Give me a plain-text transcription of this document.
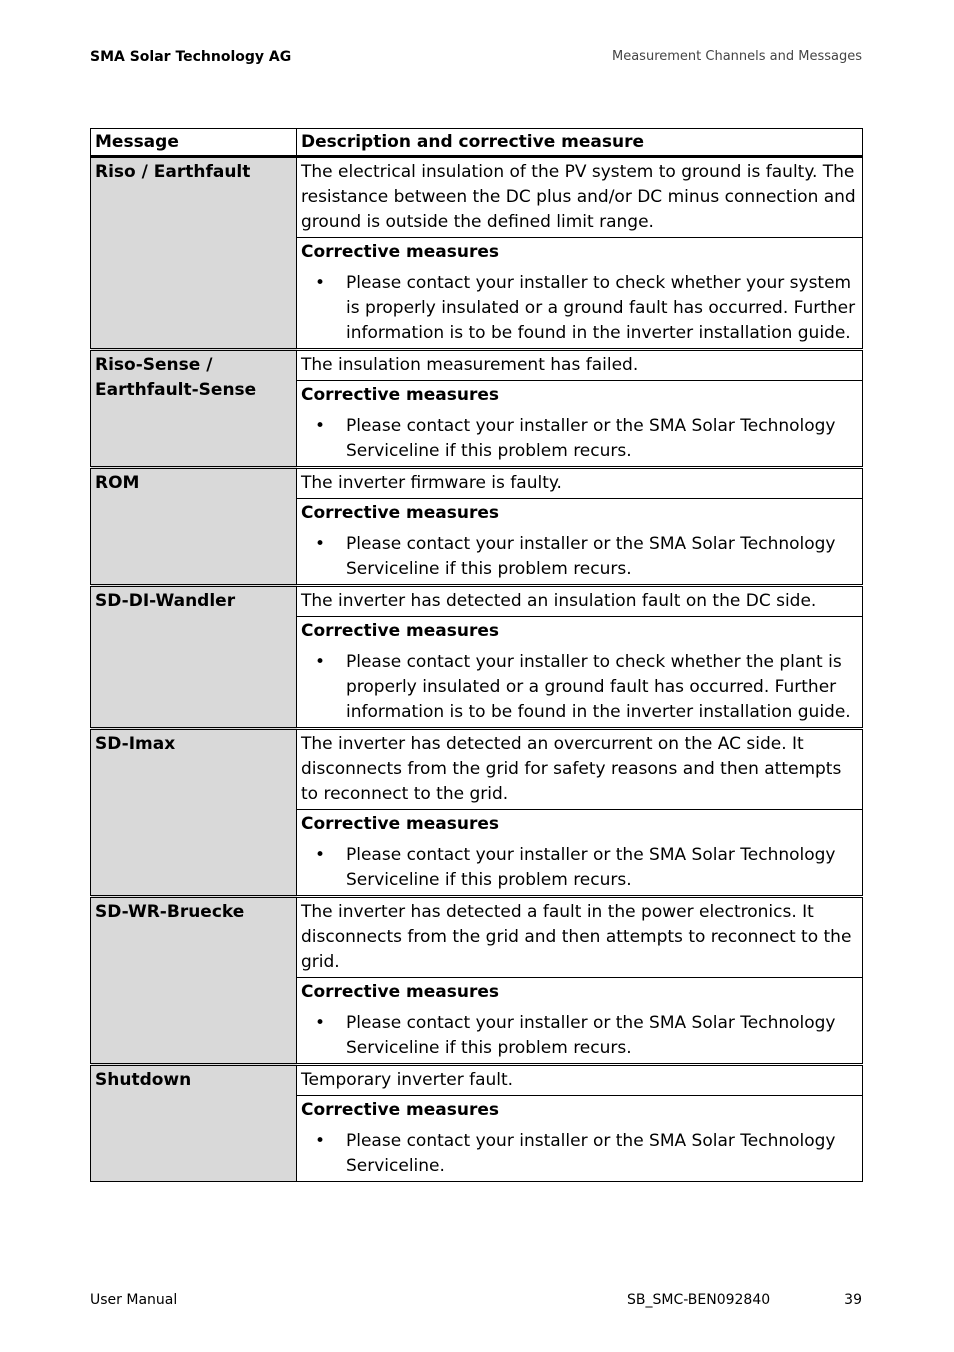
SMA Solar Technology AG	Measurement Channels and Messages
Message	Description and corrective measure
Riso / Earthfault	The electrical insulation of the PV system to ground is faulty. The resistance between the DC plus and/or DC minus connection and ground is outside the defined limit range.

	Corrective measures
• Please contact your installer to check whether your system is properly insulated or a ground fault has occurred. Further information is to be found in the inverter installation guide.

Riso-Sense / Earthfault-Sense	The insulation measurement has failed.

	Corrective measures
• Please contact your installer or the SMA Solar Technology Serviceline if this problem recurs.

ROM	The inverter firmware is faulty.

	Corrective measures
• Please contact your installer or the SMA Solar Technology Serviceline if this problem recurs.

SD-DI-Wandler	The inverter has detected an insulation fault on the DC side.

	Corrective measures
• Please contact your installer to check whether the plant is properly insulated or a ground fault has occurred. Further information is to be found in the inverter installation guide.

SD-Imax	The inverter has detected an overcurrent on the AC side. It disconnects from the grid for safety reasons and then attempts to reconnect to the grid.

	Corrective measures
• Please contact your installer or the SMA Solar Technology Serviceline if this problem recurs.

SD-WR-Bruecke	The inverter has detected a fault in the power electronics. It disconnects from the grid and then attempts to reconnect to the grid.

	Corrective measures
• Please contact your installer or the SMA Solar Technology Serviceline if this problem recurs.

Shutdown	Temporary inverter fault.

	Corrective measures
• Please contact your installer or the SMA Solar Technology Serviceline.
User Manual	SB_SMC-BEN092840	39
